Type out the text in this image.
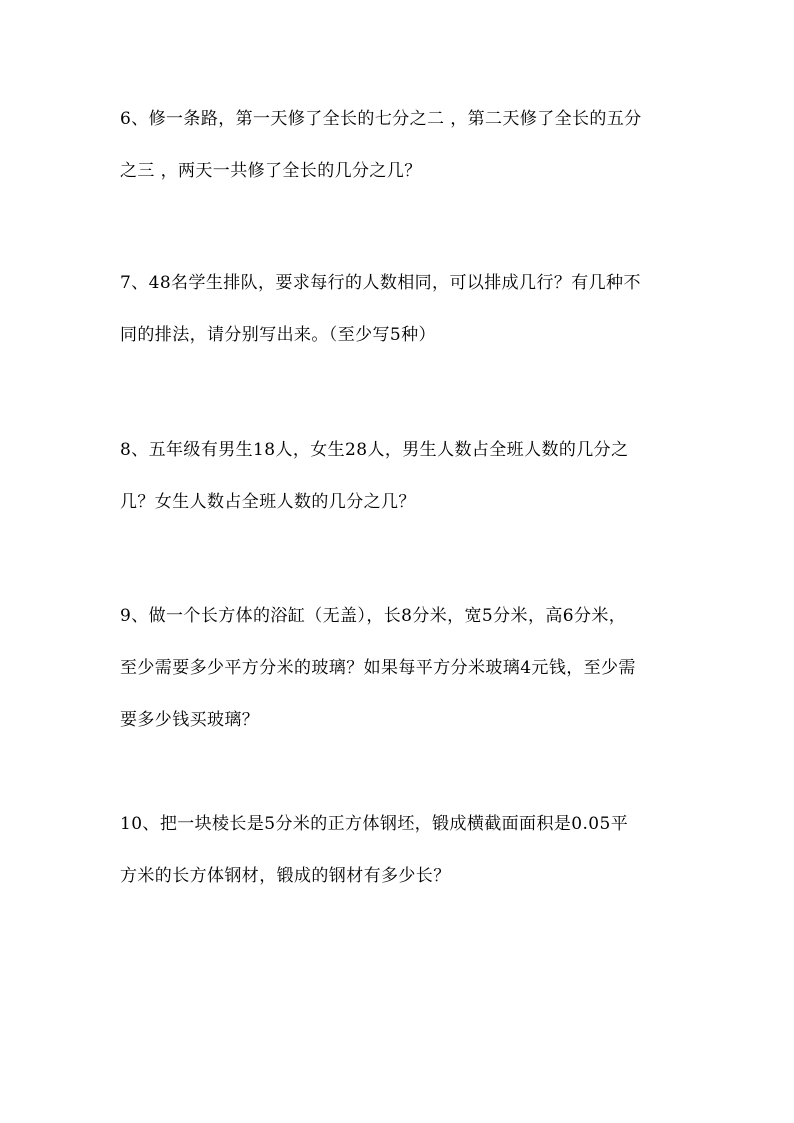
6、修一条路，第一天修了全长的七分之二 ，第二天修了全长的五分
之三 ，两天一共修了全长的几分之几？
7、48名学生排队，要求每行的人数相同，可以排成几行？有几种不
同的排法，请分别写出来。（至少写5种）
8、五年级有男生18人，女生28人，男生人数占全班人数的几分之
几？女生人数占全班人数的几分之几？
9、做一个长方体的浴缸（无盖），长8分米，宽5分米，高6分米，
至少需要多少平方分米的玻璃？如果每平方分米玻璃4元钱，至少需
要多少钱买玻璃？
10、把一块棱长是5分米的正方体钢坯，锻成横截面面积是0.05平
方米的长方体钢材，锻成的钢材有多少长？
